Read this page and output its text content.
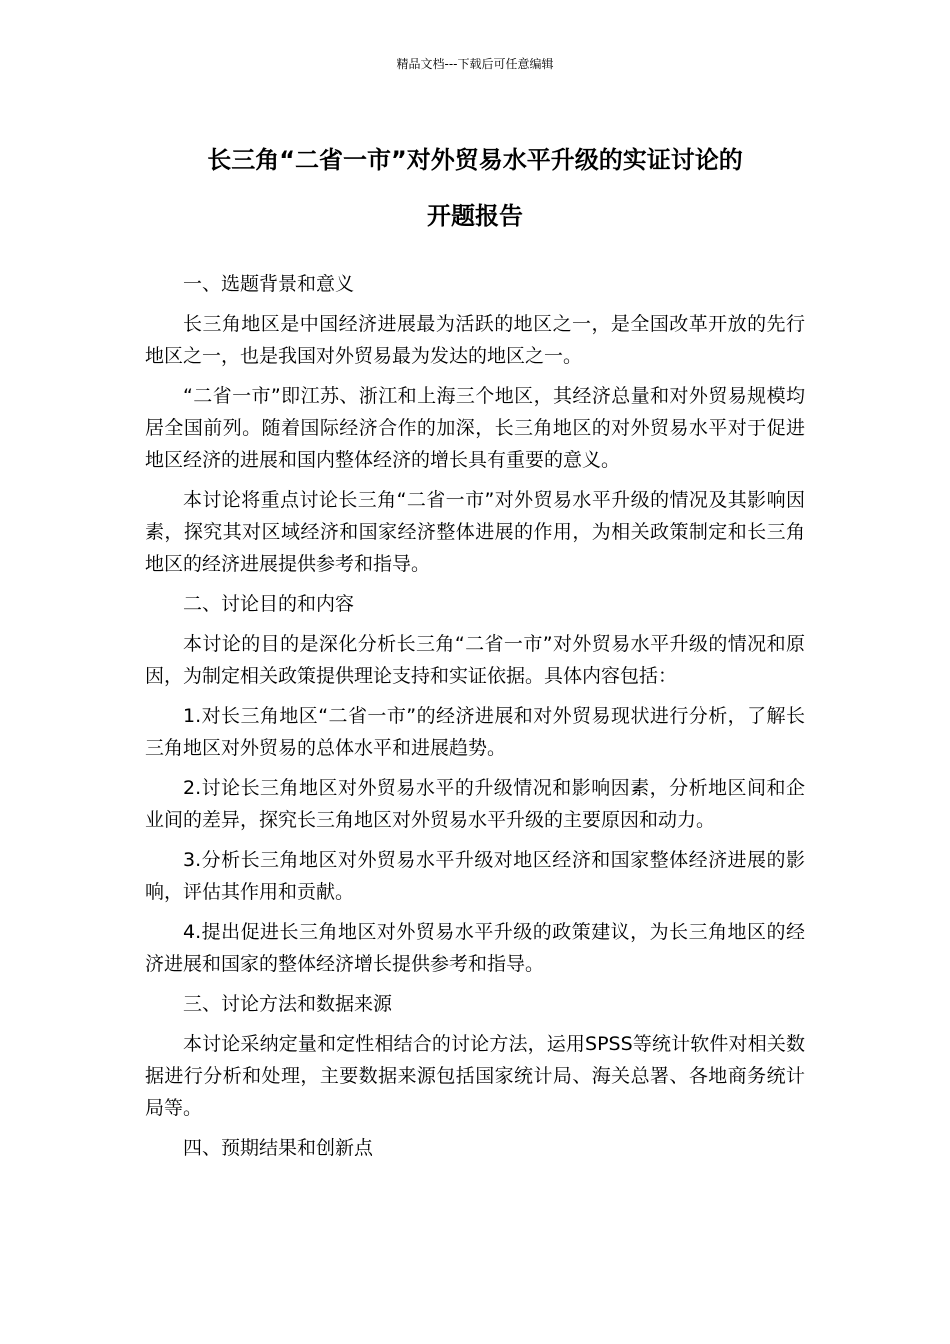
精品文档---下载后可任意编辑
长三角“二省一市”对外贸易水平升级的实证讨论的
开题报告

一、选题背景和意义

长三角地区是中国经济进展最为活跃的地区之一，是全国改革开放的先行地区之一，也是我国对外贸易最为发达的地区之一。

“二省一市”即江苏、浙江和上海三个地区，其经济总量和对外贸易规模均居全国前列。随着国际经济合作的加深，长三角地区的对外贸易水平对于促进地区经济的进展和国内整体经济的增长具有重要的意义。

本讨论将重点讨论长三角“二省一市”对外贸易水平升级的情况及其影响因素，探究其对区域经济和国家经济整体进展的作用，为相关政策制定和长三角地区的经济进展提供参考和指导。

二、讨论目的和内容

本讨论的目的是深化分析长三角“二省一市”对外贸易水平升级的情况和原因，为制定相关政策提供理论支持和实证依据。具体内容包括：

1.对长三角地区“二省一市”的经济进展和对外贸易现状进行分析，了解长三角地区对外贸易的总体水平和进展趋势。

2.讨论长三角地区对外贸易水平的升级情况和影响因素，分析地区间和企业间的差异，探究长三角地区对外贸易水平升级的主要原因和动力。

3.分析长三角地区对外贸易水平升级对地区经济和国家整体经济进展的影响，评估其作用和贡献。

4.提出促进长三角地区对外贸易水平升级的政策建议，为长三角地区的经济进展和国家的整体经济增长提供参考和指导。

三、讨论方法和数据来源

本讨论采纳定量和定性相结合的讨论方法，运用SPSS等统计软件对相关数据进行分析和处理，主要数据来源包括国家统计局、海关总署、各地商务统计局等。

四、预期结果和创新点
